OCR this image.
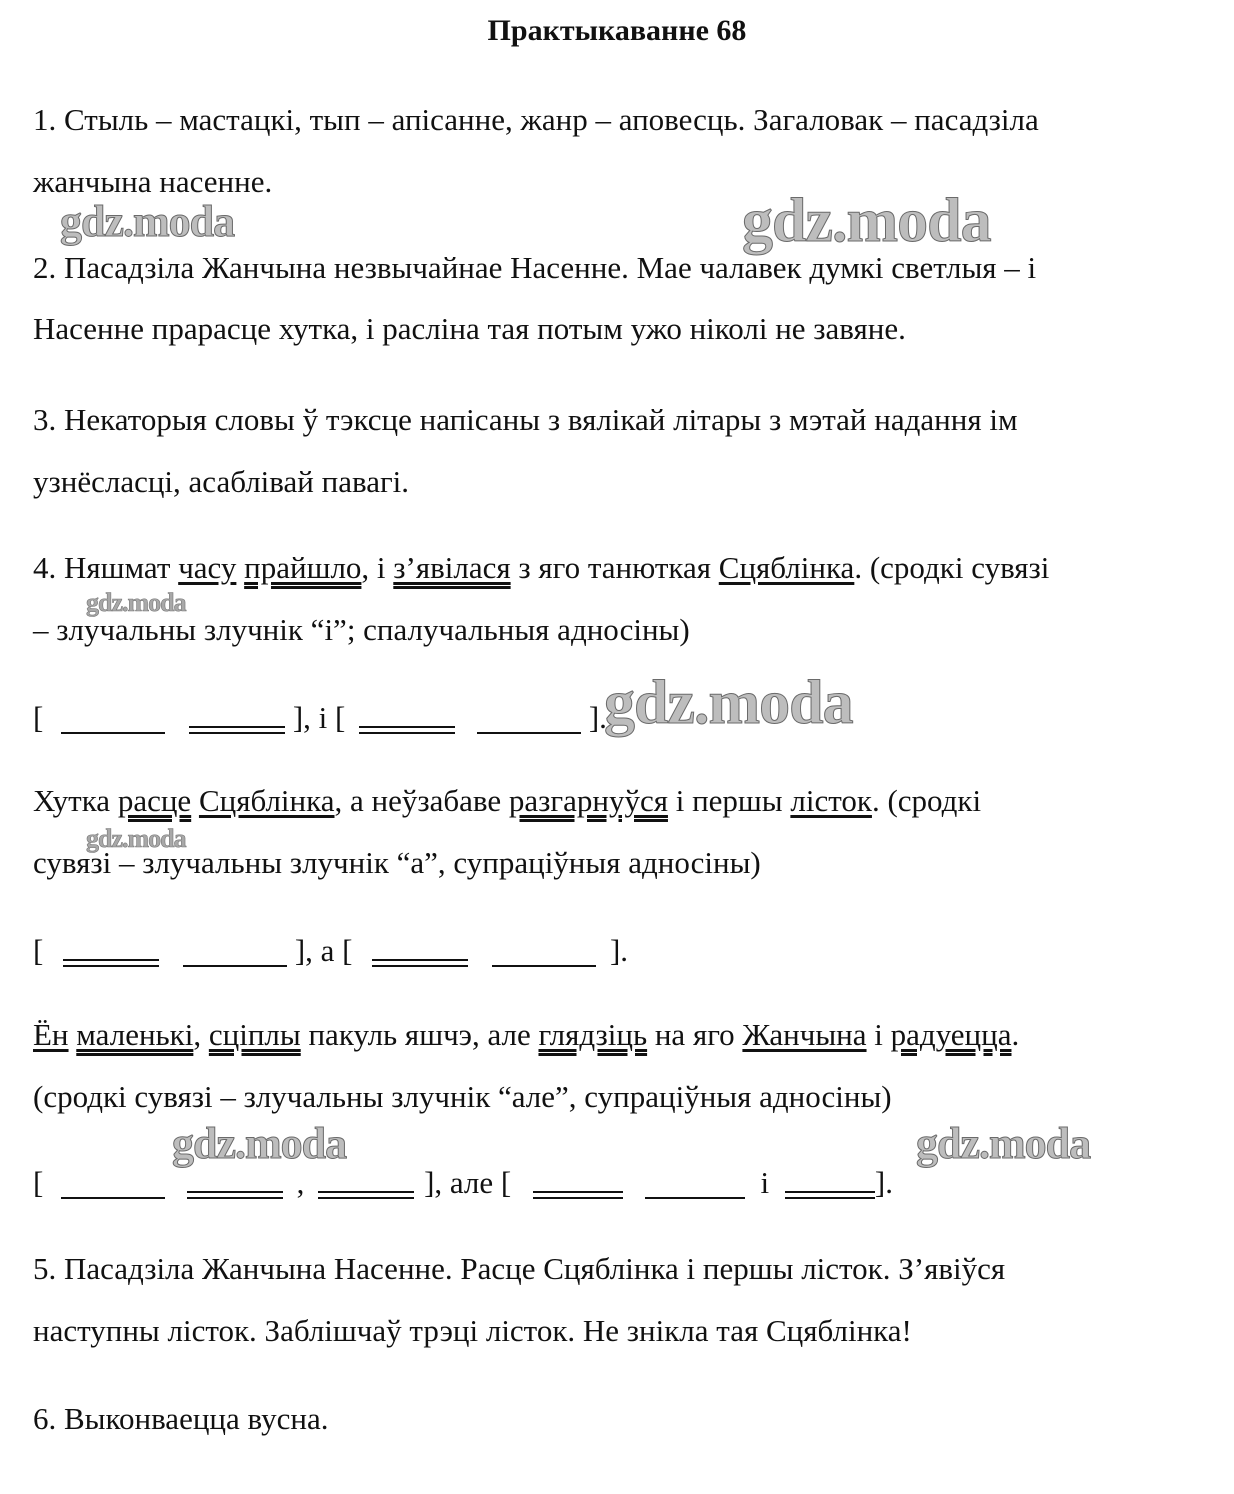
Практыкаванне 68
1. Стыль – мастацкі, тып – апісанне, жанр – аповесць. Загаловак – пасадзіла
жанчына насенне.
2. Пасадзіла Жанчына незвычайнае Насенне. Мае чалавек думкі светлыя – і
Насенне прарасце хутка, і расліна тая потым ужо ніколі не завяне.
3. Некаторыя словы ў тэксце напісаны з вялікай літары з мэтай надання ім
узнёсласці, асаблівай павагі.
4. Няшмат часу прайшло, і з’явілася з яго танюткая Сцяблінка. (сродкі сувязі
– злучальны злучнік “і”; спалучальныя адносіны)
[	], і [	].
Хутка расце Сцяблінка, а неўзабаве разгарнуўся і першы лісток. (сродкі
сувязі – злучальны злучнік “а”, супраціўныя адносіны)
[	], а [	].
Ён маленькі, сціплы пакуль яшчэ, але глядзіць на яго Жанчына і радуецца.
(сродкі сувязі – злучальны злучнік “але”, супраціўныя адносіны)
[	,	], але [	і	].
5. Пасадзіла Жанчына Насенне. Расце Сцяблінка і першы лісток. З’явіўся
наступны лісток. Заблішчаў трэці лісток. Не знікла тая Сцяблінка!
6. Выконваецца вусна.
gdz.moda	gdz.moda
gdz.moda
gdz.moda
gdz.moda
gdz.moda	gdz.moda
